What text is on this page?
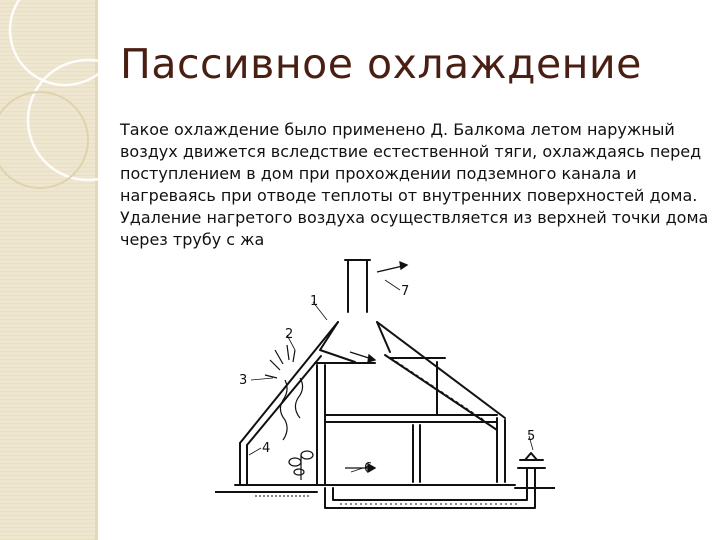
Пассивное охлаждение

Такое охлаждение было применено Д. Балкома летом наружный воздух движется вследствие естественной тяги, охлаждаясь перед поступлением в дом при прохождении подземного канала и нагреваясь при отводе теплоты от внутренних поверхностей дома. Удаление нагретого воздуха осуществляется из верхней точки дома через трубу с жа

1
2
3
4
5
6
7
